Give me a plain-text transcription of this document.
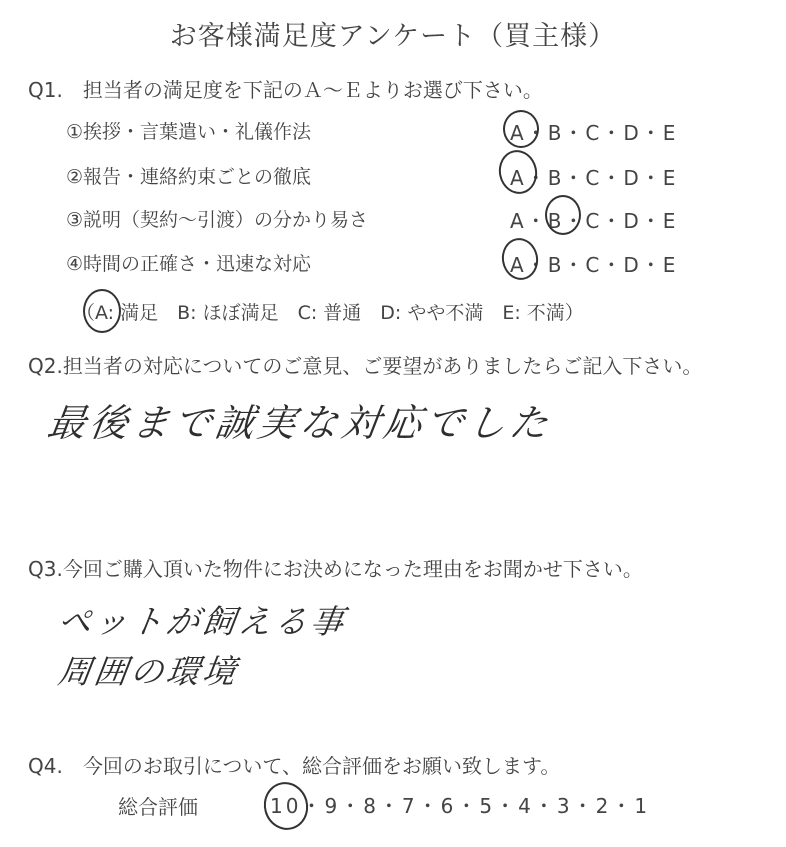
お客様満足度アンケート（買主様）
Q1.　担当者の満足度を下記のＡ～Ｅよりお選び下さい。
①挨拶・言葉遣い・礼儀作法
②報告・連絡約束ごとの徹底
③説明（契約～引渡）の分かり易さ
④時間の正確さ・迅速な対応
A・B・C・D・E
A・B・C・D・E
A・B・C・D・E
A・B・C・D・E
（A: 満足　B: ほぼ満足　C: 普通　D: やや不満　E: 不満）
Q2.担当者の対応についてのご意見、ご要望がありましたらご記入下さい。
最後まで誠実な対応でした
Q3.今回ご購入頂いた物件にお決めになった理由をお聞かせ下さい。
ペットが飼える事
周囲の環境
Q4.　今回のお取引について、総合評価をお願い致します。
総合評価	10・9・8・7・6・5・4・3・2・1
